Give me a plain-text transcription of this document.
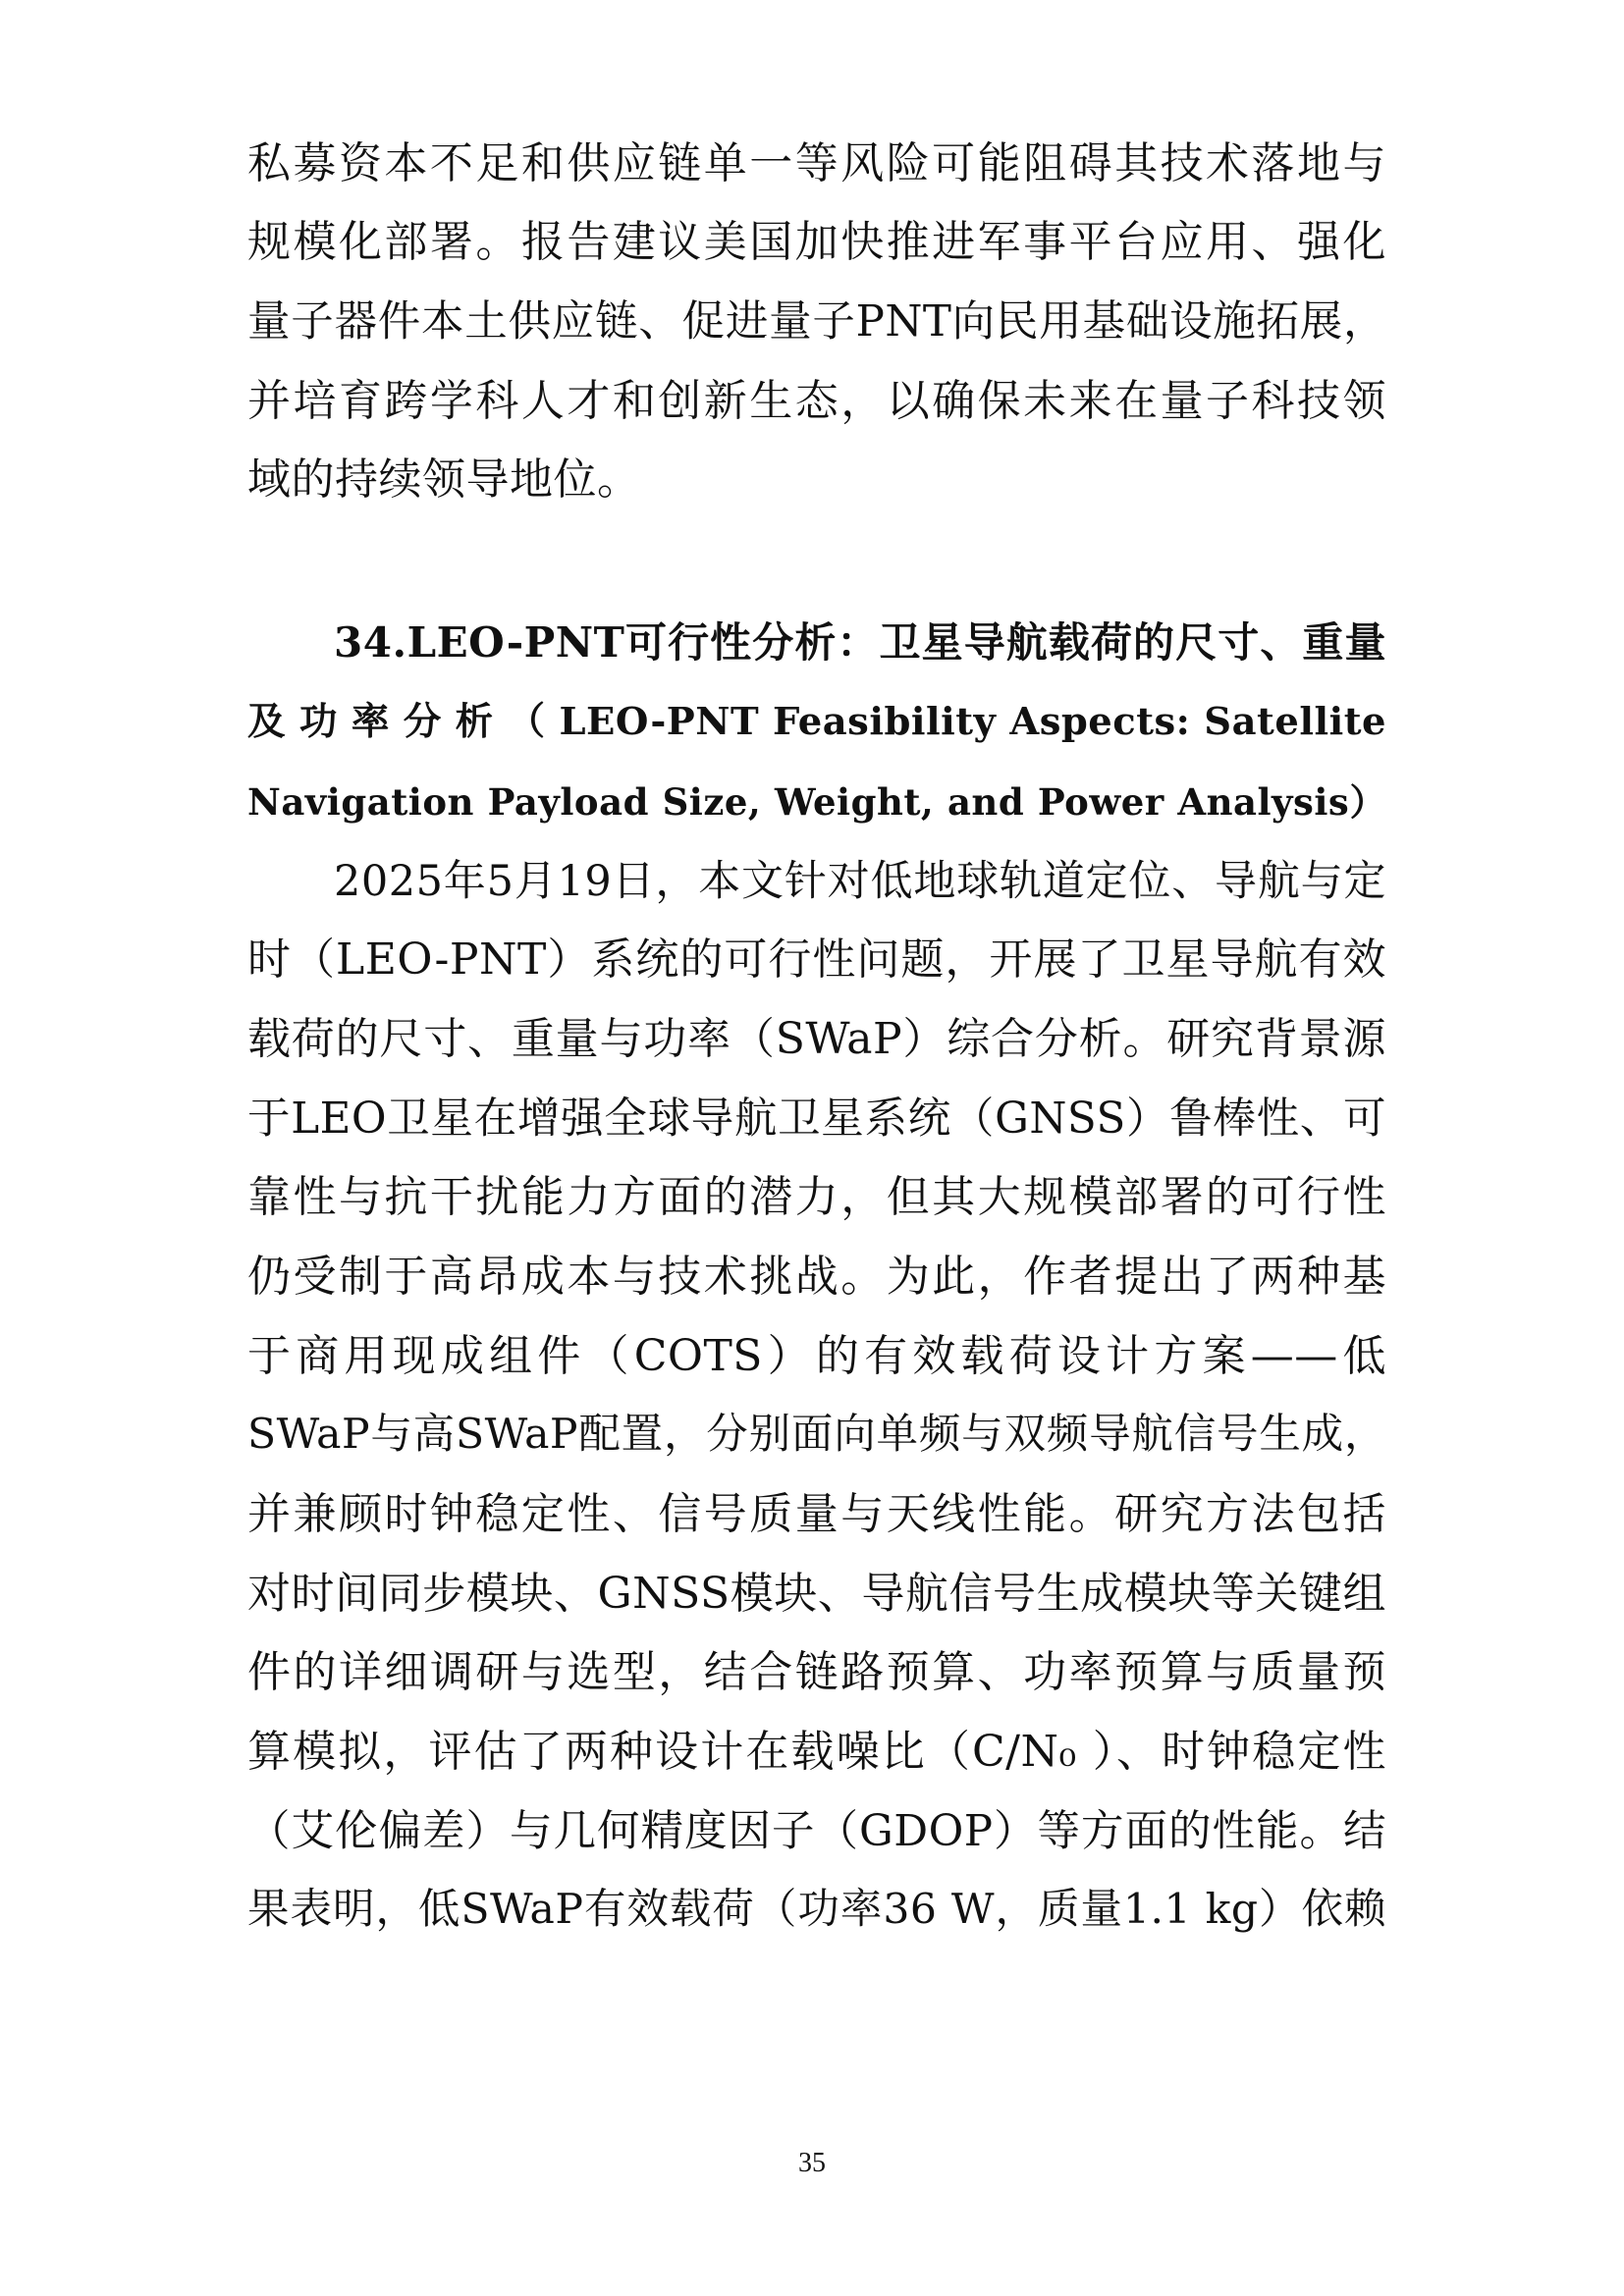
私募资本不足和供应链单一等风险可能阻碍其技术落地与
规模化部署。报告建议美国加快推进军事平台应用、强化
量子器件本土供应链、促进量子PNT向民用基础设施拓展，
并培育跨学科人才和创新生态，以确保未来在量子科技领
域的持续领导地位。
34.LEO-PNT可行性分析：卫星导航载荷的尺寸、重量
及 功 率 分 析 （ LEO-PNT Feasibility Aspects: Satellite
Navigation Payload Size, Weight, and Power Analysis）
2025年5月19日，本文针对低地球轨道定位、导航与定
时（LEO-PNT）系统的可行性问题，开展了卫星导航有效
载荷的尺寸、重量与功率（SWaP）综合分析。研究背景源
于LEO卫星在增强全球导航卫星系统（GNSS）鲁棒性、可
靠性与抗干扰能力方面的潜力，但其大规模部署的可行性
仍受制于高昂成本与技术挑战。为此，作者提出了两种基
于商用现成组件（COTS）的有效载荷设计方案——低
SWaP与高SWaP配置，分别面向单频与双频导航信号生成，
并兼顾时钟稳定性、信号质量与天线性能。研究方法包括
对时间同步模块、GNSS模块、导航信号生成模块等关键组
件的详细调研与选型，结合链路预算、功率预算与质量预
算模拟，评估了两种设计在载噪比（C/N₀ ）、时钟稳定性
（艾伦偏差）与几何精度因子（GDOP）等方面的性能。结
果表明，低SWaP有效载荷（功率36 W，质量1.1 kg）依赖
35
